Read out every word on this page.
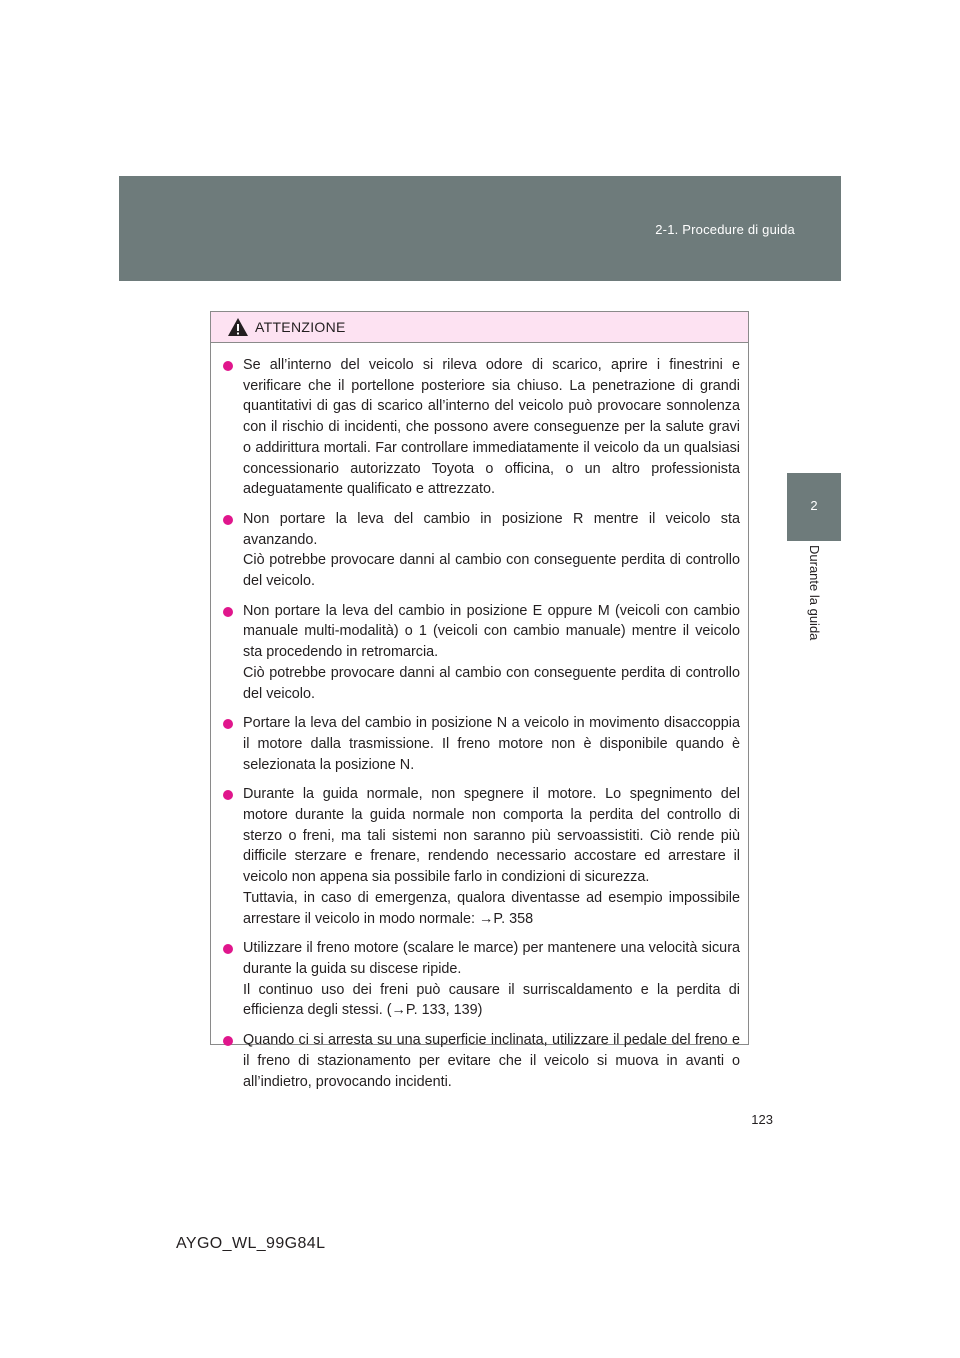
2-1. Procedure di guida
2
Durante la guida
ATTENZIONE
Se all’interno del veicolo si rileva odore di scarico, aprire i finestrini e verificare che il portellone posteriore sia chiuso. La penetrazione di grandi quantitativi di gas di scarico all’interno del veicolo può provocare sonnolenza con il rischio di incidenti, che possono avere conseguenze per la salute gravi o addirittura mortali. Far controllare immediatamente il veicolo da un qualsiasi concessionario autorizzato Toyota o officina, o un altro professionista adeguatamente qualificato e attrezzato.
Non portare la leva del cambio in posizione R mentre il veicolo sta avanzando.
Ciò potrebbe provocare danni al cambio con conseguente perdita di controllo del veicolo.
Non portare la leva del cambio in posizione E oppure M (veicoli con cambio manuale multi-modalità) o 1 (veicoli con cambio manuale) mentre il veicolo sta procedendo in retromarcia.
Ciò potrebbe provocare danni al cambio con conseguente perdita di controllo del veicolo.
Portare la leva del cambio in posizione N a veicolo in movimento disaccoppia il motore dalla trasmissione. Il freno motore non è disponibile quando è selezionata la posizione N.
Durante la guida normale, non spegnere il motore. Lo spegnimento del motore durante la guida normale non comporta la perdita del controllo di sterzo o freni, ma tali sistemi non saranno più servoassistiti. Ciò rende più difficile sterzare e frenare, rendendo necessario accostare ed arrestare il veicolo non appena sia possibile farlo in condizioni di sicurezza.
Tuttavia, in caso di emergenza, qualora diventasse ad esempio impossibile arrestare il veicolo in modo normale: →P. 358
Utilizzare il freno motore (scalare le marce) per mantenere una velocità sicura durante la guida su discese ripide.
Il continuo uso dei freni può causare il surriscaldamento e la perdita di efficienza degli stessi. (→P. 133, 139)
Quando ci si arresta su una superficie inclinata, utilizzare il pedale del freno e il freno di stazionamento per evitare che il veicolo si muova in avanti o all’indietro, provocando incidenti.
123
AYGO_WL_99G84L
